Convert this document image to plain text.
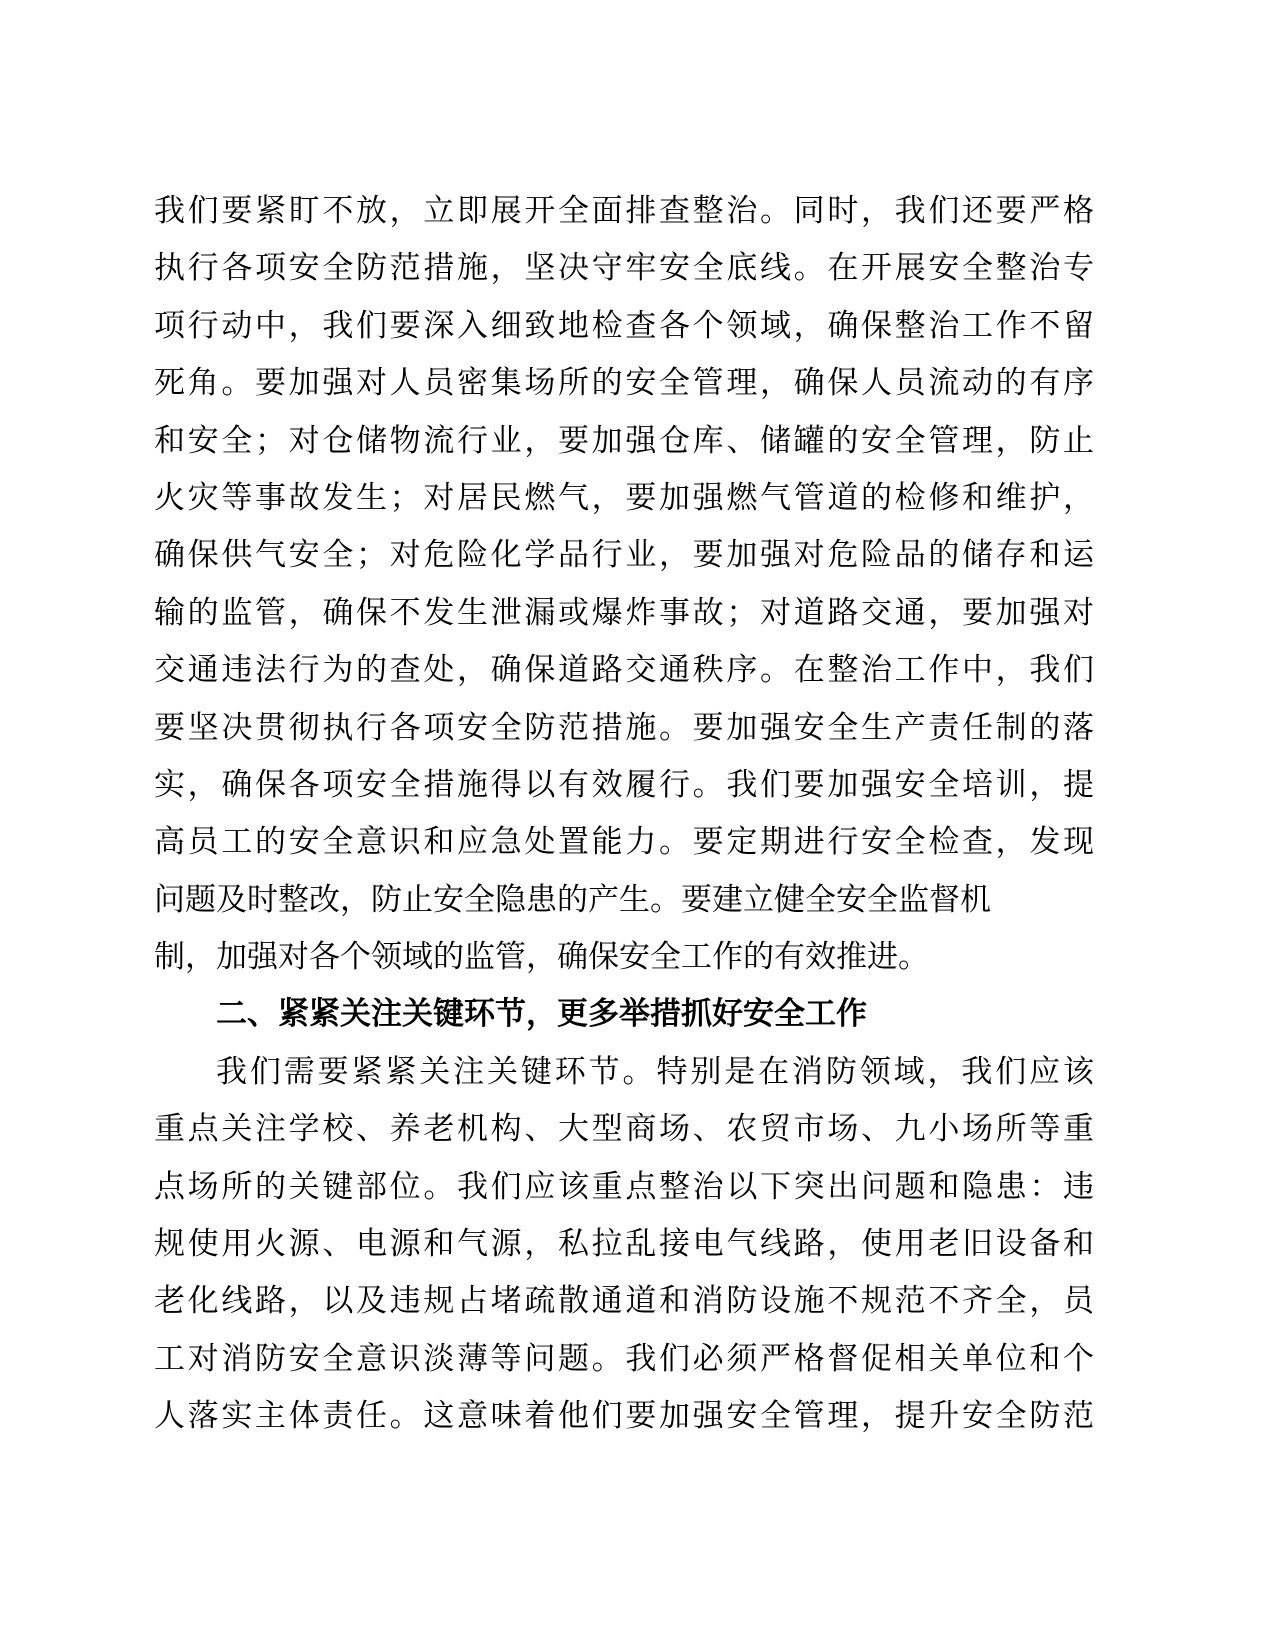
我们要紧盯不放，立即展开全面排查整治。同时，我们还要严格
执行各项安全防范措施，坚决守牢安全底线。在开展安全整治专
项行动中，我们要深入细致地检查各个领域，确保整治工作不留
死角。要加强对人员密集场所的安全管理，确保人员流动的有序
和安全；对仓储物流行业，要加强仓库、储罐的安全管理，防止
火灾等事故发生；对居民燃气，要加强燃气管道的检修和维护，
确保供气安全；对危险化学品行业，要加强对危险品的储存和运
输的监管，确保不发生泄漏或爆炸事故；对道路交通，要加强对
交通违法行为的查处，确保道路交通秩序。在整治工作中，我们
要坚决贯彻执行各项安全防范措施。要加强安全生产责任制的落
实，确保各项安全措施得以有效履行。我们要加强安全培训，提
高员工的安全意识和应急处置能力。要定期进行安全检查，发现
问题及时整改，防止安全隐患的产生。要建立健全安全监督机
制，加强对各个领域的监管，确保安全工作的有效推进。
二、紧紧关注关键环节，更多举措抓好安全工作
我们需要紧紧关注关键环节。特别是在消防领域，我们应该
重点关注学校、养老机构、大型商场、农贸市场、九小场所等重
点场所的关键部位。我们应该重点整治以下突出问题和隐患：违
规使用火源、电源和气源，私拉乱接电气线路，使用老旧设备和
老化线路，以及违规占堵疏散通道和消防设施不规范不齐全，员
工对消防安全意识淡薄等问题。我们必须严格督促相关单位和个
人落实主体责任。这意味着他们要加强安全管理，提升安全防范
